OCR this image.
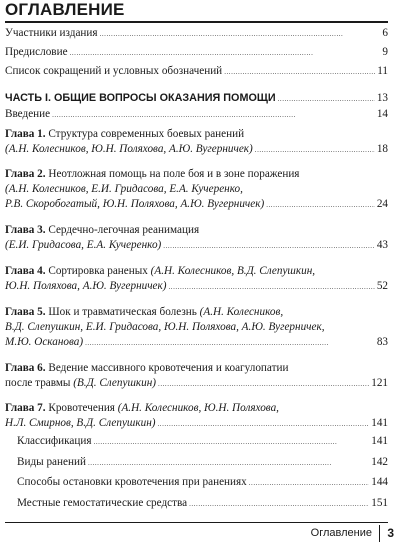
ОГЛАВЛЕНИЕ
Участники издания . . .	6
Предисловие . . .	9
Список сокращений и условных обозначений . . .	11
ЧАСТЬ I. ОБЩИЕ ВОПРОСЫ ОКАЗАНИЯ ПОМОЩИ . . .	13
Введение . . .	14
Глава 1. Структура современных боевых ранений
(А.Н. Колесников, Ю.Н. Поляхова, А.Ю. Вугерничек) . . .	18
Глава 2. Неотложная помощь на поле боя и в зоне поражения
(А.Н. Колесников, Е.И. Гридасова, Е.А. Кучеренко,
Р.В. Скоробогатый, Ю.Н. Поляхова, А.Ю. Вугерничек) . . .	24
Глава 3. Сердечно-легочная реанимация
(Е.И. Гридасова, Е.А. Кучеренко) . . .	43
Глава 4. Сортировка раненых (А.Н. Колесников, В.Д. Слепушкин,
Ю.Н. Поляхова, А.Ю. Вугерничек) . . .	52
Глава 5. Шок и травматическая болезнь (А.Н. Колесников,
В.Д. Слепушкин, Е.И. Гридасова, Ю.Н. Поляхова, А.Ю. Вугерничек,
М.Ю. Осканова) . . .	83
Глава 6. Ведение массивного кровотечения и коагулопатии
после травмы (В.Д. Слепушкин) . . .	121
Глава 7. Кровотечения (А.Н. Колесников, Ю.Н. Поляхова,
Н.Л. Смирнов, В.Д. Слепушкин) . . .	141
Классификация . . .	141
Виды ранений . . .	142
Способы остановки кровотечения при ранениях . . .	144
Местные гемостатические средства . . .	151
Оглавление 3
